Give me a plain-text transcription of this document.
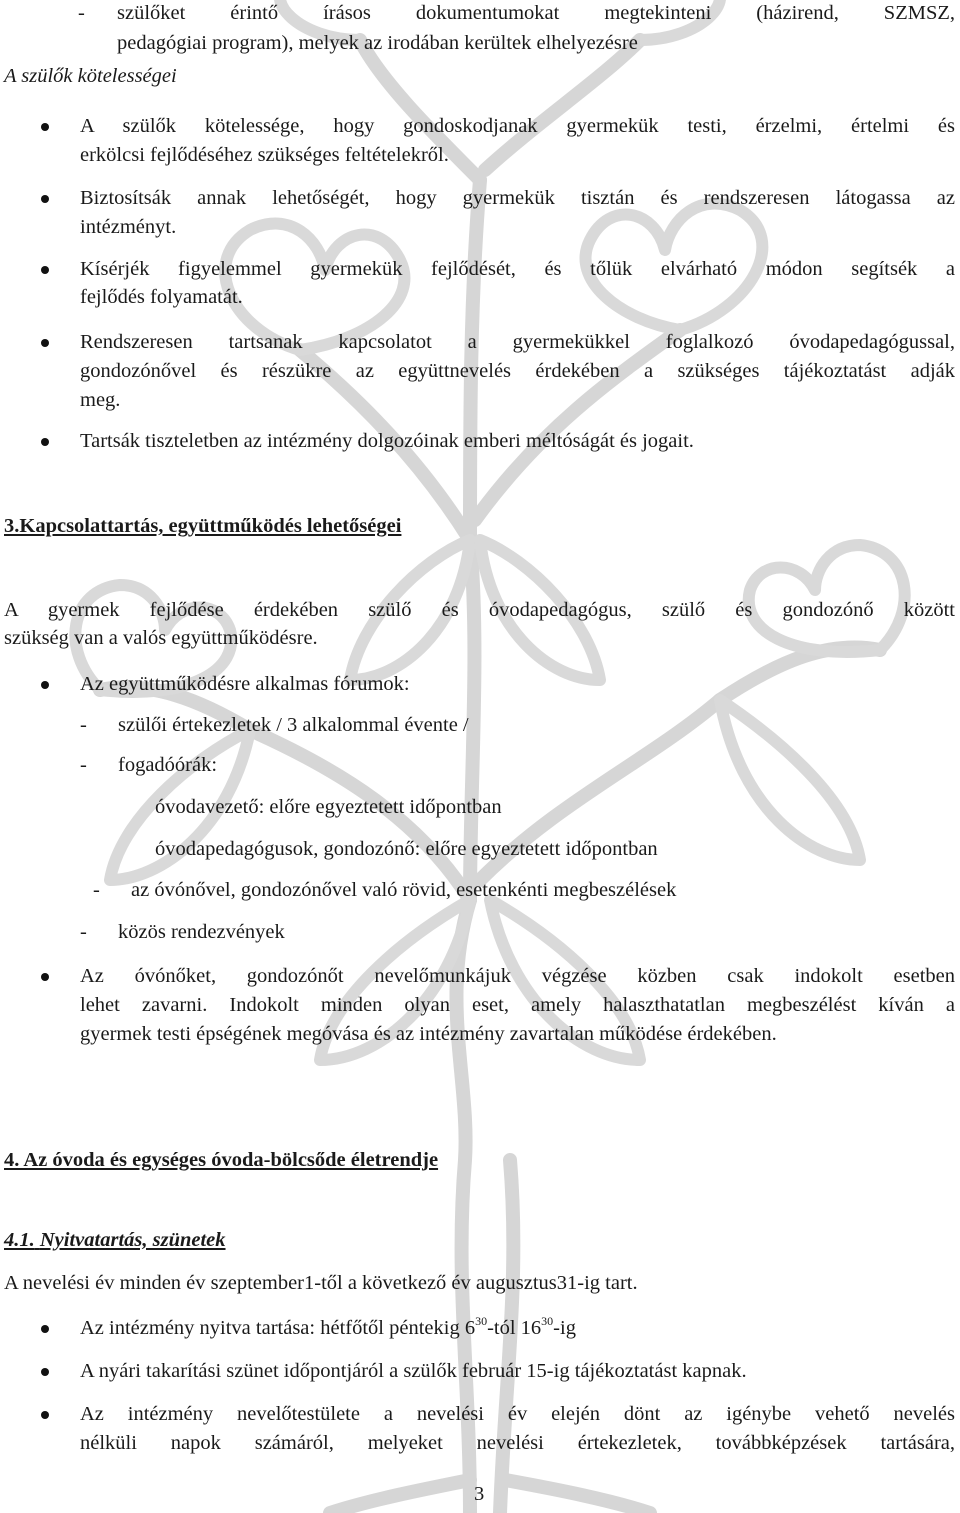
- szülőket érintő írásos dokumentumokat megtekinteni (házirend, SZMSZ,
pedagógiai program), melyek az irodában kerültek elhelyezésre
A szülők kötelességei
A szülők kötelessége, hogy gondoskodjanak gyermekük testi, érzelmi, értelmi és
erkölcsi fejlődéséhez szükséges feltételekről.
Biztosítsák annak lehetőségét, hogy gyermekük tisztán és rendszeresen látogassa az
intézményt.
Kísérjék figyelemmel gyermekük fejlődését, és tőlük elvárható módon segítsék a
fejlődés folyamatát.
Rendszeresen tartsanak kapcsolatot a gyermekükkel foglalkozó óvodapedagógussal,
gondozónővel és részükre az együttnevelés érdekében a szükséges tájékoztatást adják
meg.
Tartsák tiszteletben az intézmény dolgozóinak emberi méltóságát és jogait.
3.Kapcsolattartás, együttműködés lehetőségei
A gyermek fejlődése érdekében szülő és óvodapedagógus, szülő és gondozónő között
szükség van a valós együttműködésre.
Az együttműködésre alkalmas fórumok:
- szülői értekezletek / 3 alkalommal évente /
- fogadóórák:
óvodavezető: előre egyeztetett időpontban
óvodapedagógusok, gondozónő: előre egyeztetett időpontban
- az óvónővel, gondozónővel való rövid, esetenkénti megbeszélések
- közös rendezvények
Az óvónőket, gondozónőt nevelőmunkájuk végzése közben csak indokolt esetben
lehet zavarni. Indokolt minden olyan eset, amely halaszthatatlan megbeszélést kíván a
gyermek testi épségének megóvása és az intézmény zavartalan működése érdekében.
4. Az óvoda és egységes óvoda-bölcsőde életrendje
4.1. Nyitvatartás, szünetek
A nevelési év minden év szeptember1-től a következő év augusztus31-ig tart.
Az intézmény nyitva tartása: hétfőtől péntekig $6^{30}$-tól $16^{30}-ig$
A nyári takarítási szünet időpontjáról a szülők február 15-ig tájékoztatást kapnak.
Az intézmény nevelőtestülete a nevelési év elején dönt az igénybe vehető nevelés
nélküli napok számáról, melyeket nevelési értekezletek, továbbképzések tartására,
3
